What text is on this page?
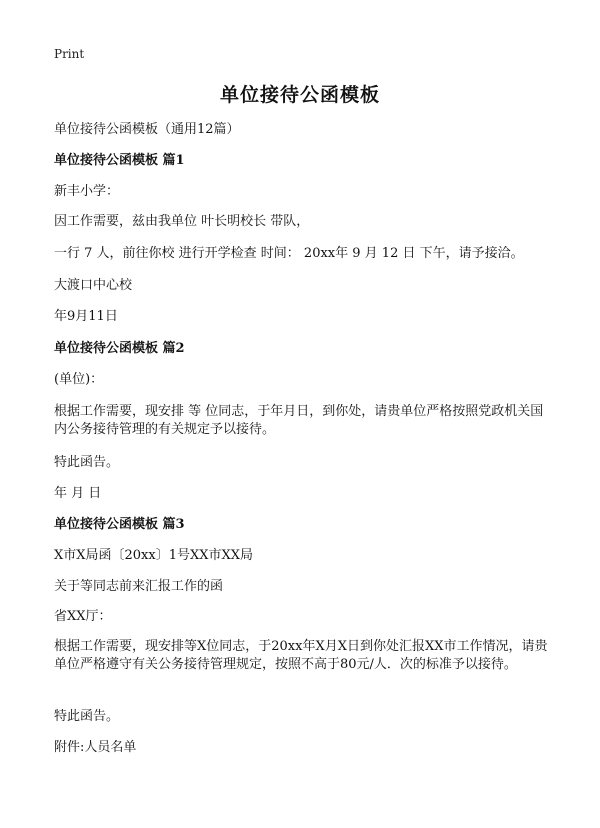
Print
单位接待公函模板
单位接待公函模板（通用12篇）
单位接待公函模板 篇1
新丰小学：
因工作需要，兹由我单位 叶长明校长 带队，
一行 7 人，前往你校 进行开学检查 时间： 20xx年 9 月 12 日 下午，请予接洽。
大渡口中心校
年9月11日
单位接待公函模板 篇2
(单位)：
根据工作需要，现安排 等 位同志，于年月日，到你处，请贵单位严格按照党政机关国内公务接待管理的有关规定予以接待。
特此函告。
年 月 日
单位接待公函模板 篇3
X市X局函〔20xx〕1号XX市XX局
关于等同志前来汇报工作的函
省XX厅：
根据工作需要，现安排等X位同志，于20xx年X月X日到你处汇报XX市工作情况，请贵单位严格遵守有关公务接待管理规定，按照不高于80元/人．次的标准予以接待。
特此函告。
附件:人员名单
